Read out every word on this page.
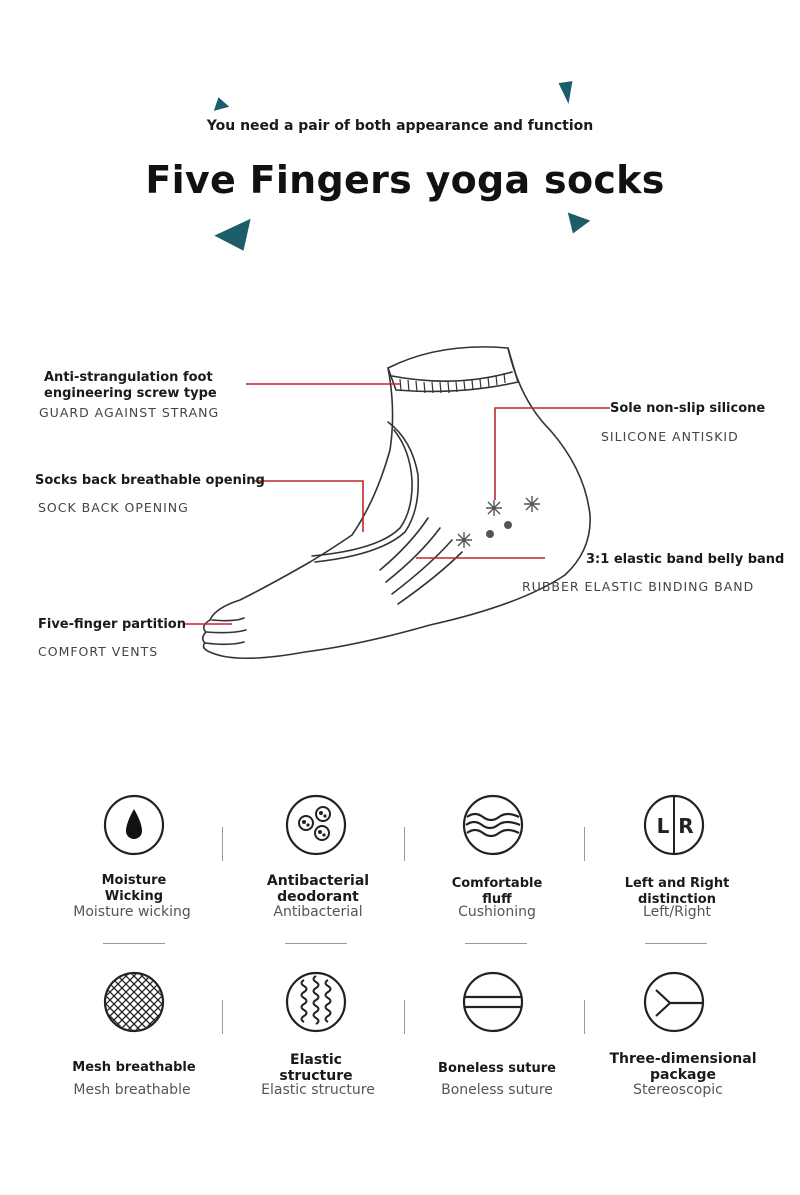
You need a pair of both appearance and function
Five Fingers yoga socks
Anti-strangulation foot
engineering screw type
GUARD AGAINST STRANG	Sole non-slip silicone
SILICONE ANTISKID
Socks back breathable opening
SOCK BACK OPENING
3:1 elastic band belly band
RUBBER ELASTIC BINDING BAND
Five-finger partition
COMFORT VENTS
L R
Moisture
Wicking
Moisture wicking
Antibacterial
deodorant
Antibacterial
Comfortable
fluff
Cushioning
Left and Right
distinction
Left/Right
Mesh breathable
Mesh breathable
Elastic
structure
Elastic structure
Boneless suture
Boneless suture
Three-dimensional
package
Stereoscopic
